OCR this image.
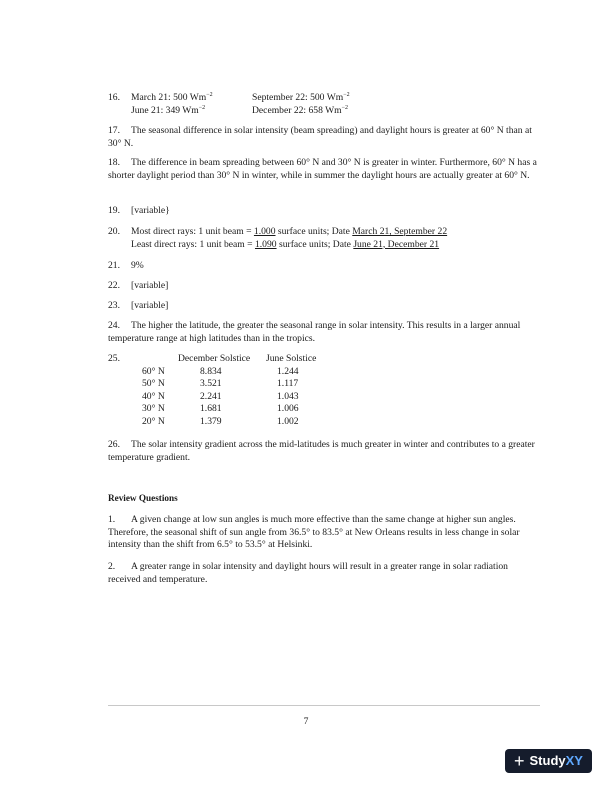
16. March 21: 500 $Wm^{-2}$	September 22: 500 $Wm^{-2}$

June 21: 349 $Wm^{-2}$	December 22: 658 $Wm^{-2}$

17. The seasonal difference in solar intensity (beam spreading) and daylight hours is greater at 60° N than at 30° N.

18. The difference in beam spreading between 60° N and 30° N is greater in winter. Furthermore, 60° N has a shorter daylight period than 30° N in winter, while in summer the daylight hours are actually greater at 60° N.

19. [variable}

20. Most direct rays: 1 unit beam = 1.000 surface units; Date March 21, September 22

Least direct rays: 1 unit beam = 1.090 surface units; Date June 21, December 21

21. 9%

22. [variable]

23. [variable]

24. The higher the latitude, the greater the seasonal range in solar intensity. This results in a larger annual temperature range at high latitudes than in the tropics.

25.
		December Solstice	June Solstice
60° N	8.834	1.244
50° N	3.521	1.117
40° N	2.241	1.043
30° N	1.681	1.006
20° N	1.379	1.002

26. The solar intensity gradient across the mid-latitudes is much greater in winter and contributes to a greater temperature gradient.

Review Questions

1. A given change at low sun angles is much more effective than the same change at higher sun angles. Therefore, the seasonal shift of sun angle from 36.5° to 83.5° at New Orleans results in less change in solar intensity than the shift from 6.5° to 53.5° at Helsinki.

2. A greater range in solar intensity and daylight hours will result in a greater range in solar radiation received and temperature.

7
+ Study XY
